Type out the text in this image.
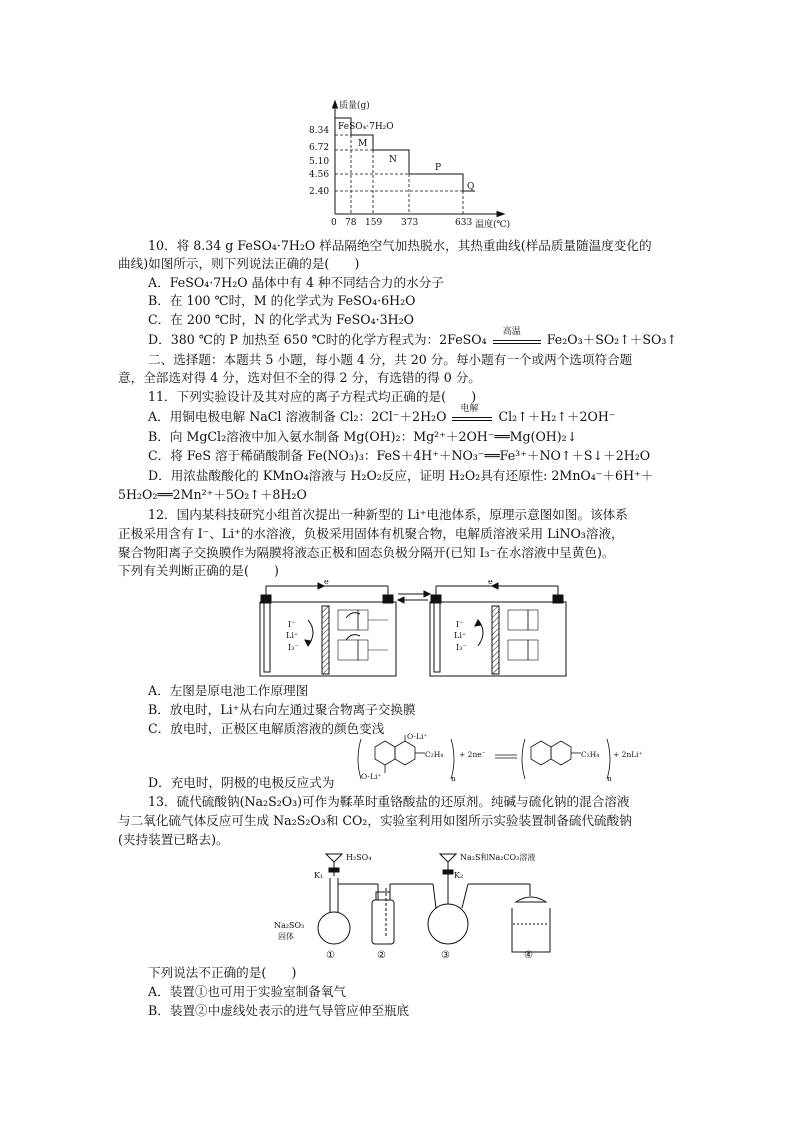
质量(g)
8.34
6.72
5.10
4.56
2.40
0 78 159 373	633 温度(℃)
FeSO₄·7H₂O
M
N
P
Q
10．将 8.34 g FeSO₄·7H₂O 样品隔绝空气加热脱水，其热重曲线(样品质量随温度变化的
曲线)如图所示，则下列说法正确的是(　　)
A．FeSO₄·7H₂O 晶体中有 4 种不同结合力的水分子
B．在 100 ℃时，M 的化学式为 FeSO₄·6H₂O
C．在 200 ℃时，N 的化学式为 FeSO₄·3H₂O
D．380 ℃的 P 加热至 650 ℃时的化学方程式为：2FeSO₄
高温
Fe₂O₃＋SO₂↑＋SO₃↑
二、选择题：本题共 5 小题，每小题 4 分，共 20 分。每小题有一个或两个选项符合题
意，全部选对得 4 分，选对但不全的得 2 分，有选错的得 0 分。
11．下列实验设计及其对应的离子方程式均正确的是(　　)
A．用铜电极电解 NaCl 溶液制备 Cl₂：2Cl⁻＋2H₂O
电解
Cl₂↑＋H₂↑＋2OH⁻
B．向 MgCl₂溶液中加入氨水制备 Mg(OH)₂：Mg²⁺＋2OH⁻══Mg(OH)₂↓
C．将 FeS 溶于稀硝酸制备 Fe(NO₃)₃：FeS＋4H⁺＋NO₃⁻══Fe³⁺＋NO↑＋S↓＋2H₂O
D．用浓盐酸酸化的 KMnO₄溶液与 H₂O₂反应，证明 H₂O₂具有还原性: 2MnO₄⁻＋6H⁺＋
5H₂O₂══2Mn²⁺＋5O₂↑＋8H₂O
12．国内某科技研究小组首次提出一种新型的 Li⁺电池体系，原理示意图如图。该体系
正极采用含有 I⁻、Li⁺的水溶液，负极采用固体有机聚合物，电解质溶液采用 LiNO₃溶液，
聚合物阳离子交换膜作为隔膜将液态正极和固态负极分隔开(已知 I₃⁻在水溶液中呈黄色)。
下列有关判断正确的是(　　)
e⁻
I⁻
Li⁺
I₃⁻
e⁻
I⁻
Li⁺
I₃⁻
A．左图是原电池工作原理图
B．放电时，Li⁺从右向左通过聚合物离子交换膜
C．放电时，正极区电解质溶液的颜色变浅
O-Li⁺
O-Li⁺
C₂H₄
n
+ 2ne⁻	C₂H₄
n
+ 2nLi⁺
D．充电时，阴极的电极反应式为
13．硫代硫酸钠(Na₂S₂O₃)可作为鞣革时重铬酸盐的还原剂。纯碱与硫化钠的混合溶液
与二氧化硫气体反应可生成 Na₂S₂O₃和 CO₂，实验室利用如图所示实验装置制备硫代硫酸钠
(夹持装置已略去)。
H₂SO₄
K₁	K₂
Na₂S和Na₂CO₃溶液
Na₂SO₃
固体
①	②	③	④
下列说法不正确的是(　　)
A．装置①也可用于实验室制备氧气
B．装置②中虚线处表示的进气导管应伸至瓶底
